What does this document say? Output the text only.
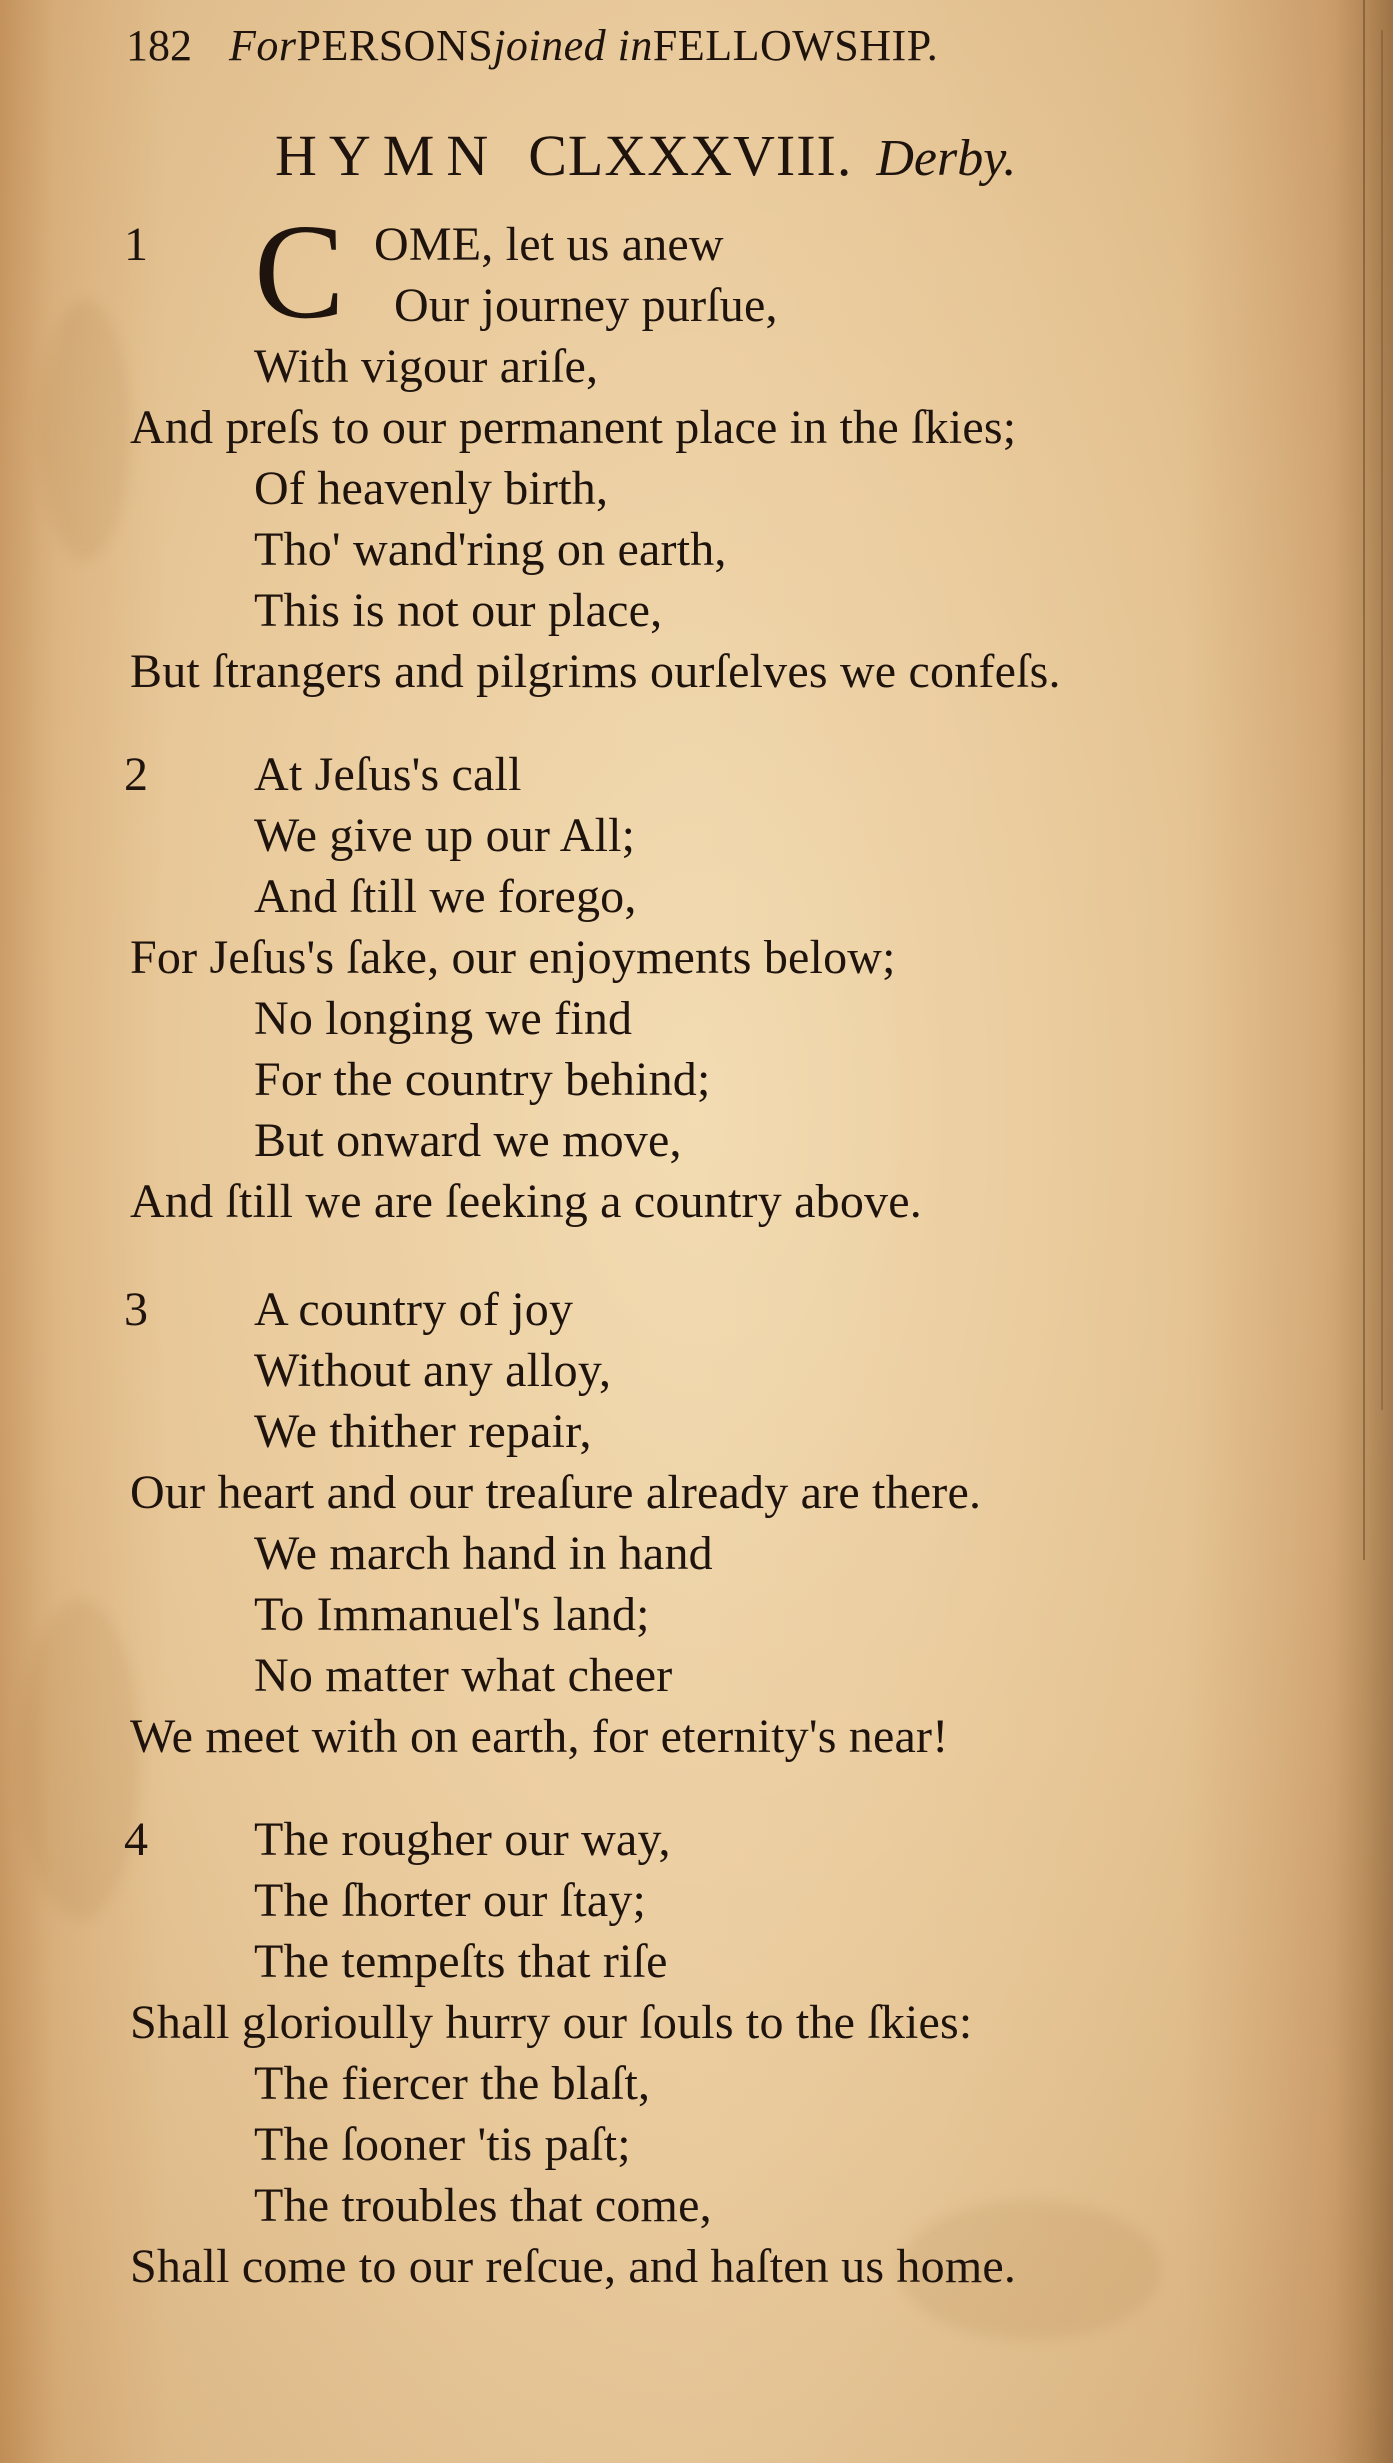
182 ForPERSONSjoined inFELLOWSHIP.
HYMN CLXXXVIII. Derby.
1 C OME, let us anew
Our journey purſue,
With vigour ariſe,
And preſs to our permanent place in the ſkies;
Of heavenly birth,
Tho' wand'ring on earth,
This is not our place,
But ſtrangers and pilgrims ourſelves we confeſs.
2	At Jeſus's call
We give up our All;
And ſtill we forego,
For Jeſus's ſake, our enjoyments below;
No longing we find
For the country behind;
But onward we move,
And ſtill we are ſeeking a country above.
3	A country of joy
Without any alloy,
We thither repair,
Our heart and our treaſure already are there.
We march hand in hand
To Immanuel's land;
No matter what cheer
We meet with on earth, for eternity's near!
4	The rougher our way,
The ſhorter our ſtay;
The tempeſts that riſe
Shall glorioully hurry our ſouls to the ſkies:
The fiercer the blaſt,
The ſooner 'tis paſt;
The troubles that come,
Shall come to our reſcue, and haſten us home.
